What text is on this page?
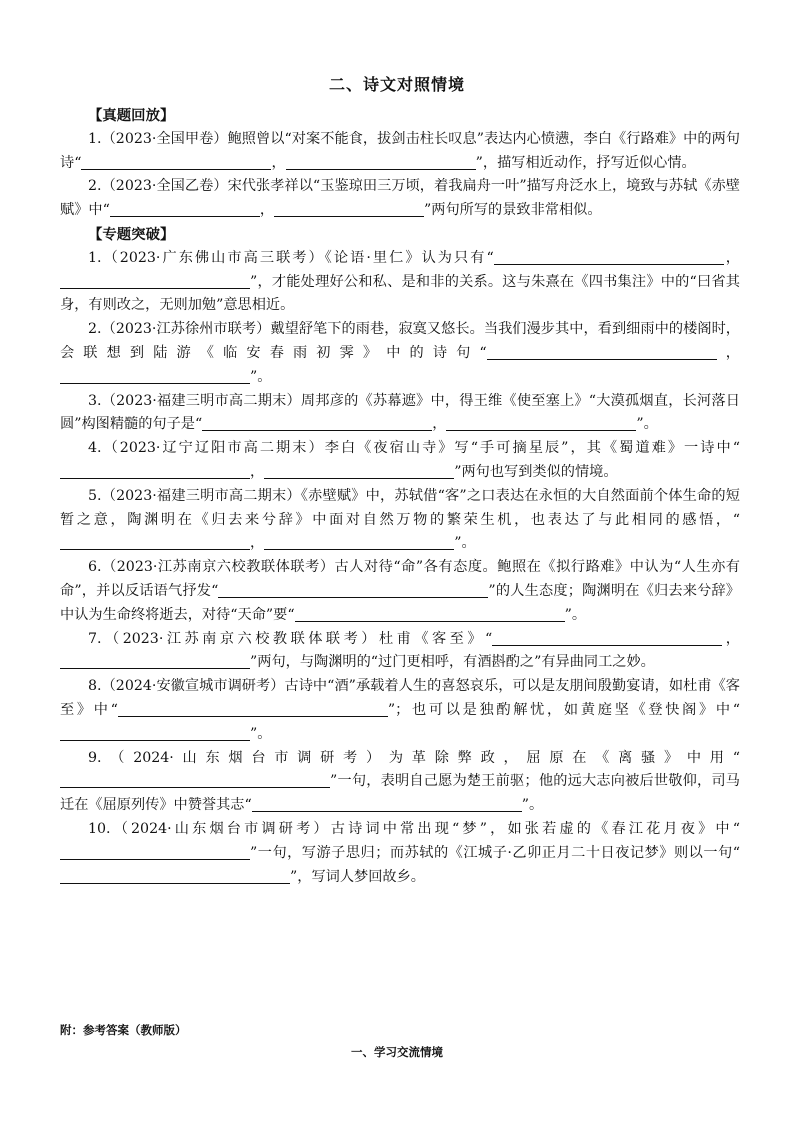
二、诗文对照情境

【真题回放】

1.（2023·全国甲卷）鲍照曾以“对案不能食，拔剑击柱长叹息”表达内心愤懑，李白《行路难》中的两句诗“	，	”，描写相近动作，抒写近似心情。

2.（2023·全国乙卷）宋代张孝祥以“玉鉴琼田三万顷，着我扁舟一叶”描写舟泛水上，境致与苏轼《赤壁赋》中“	，	”两句所写的景致非常相似。

【专题突破】

1.（2023·广东佛山市高三联考）《论语·里仁》认为只有“	，”，才能处理好公和私、是和非的关系。这与朱熹在《四书集注》中的“曰省其身，有则改之，无则加勉”意思相近。

2.（2023·江苏徐州市联考）戴望舒笔下的雨巷，寂寞又悠长。当我们漫步其中，看到细雨中的楼阁时，会联想到陆游《临安春雨初霁》中的诗句“	，”。

3.（2023·福建三明市高二期末）周邦彦的《苏幕遮》中，得王维《使至塞上》“大漠孤烟直，长河落日圆”构图精髓的句子是“	，	”。

4.（2023·辽宁辽阳市高二期末）李白《夜宿山寺》写“手可摘星辰”，其《蜀道难》一诗中“，	”两句也写到类似的情境。

5.（2023·福建三明市高二期末）《赤壁赋》中，苏轼借“客”之口表达在永恒的大自然面前个体生命的短暂之意，陶渊明在《归去来兮辞》中面对自然万物的繁荣生机，也表达了与此相同的感悟，“，	”。

6.（2023·江苏南京六校教联体联考）古人对待“命”各有态度。鲍照在《拟行路难》中认为“人生亦有命”，并以反话语气抒发“	”的人生态度；陶渊明在《归去来兮辞》中认为生命终将逝去，对待“天命”要“	”。

7.（2023·江苏南京六校教联体联考）杜甫《客至》“	，”两句，与陶渊明的“过门更相呼，有酒斟酌之”有异曲同工之妙。

8.（2024·安徽宣城市调研考）古诗中“酒”承载着人生的喜怒哀乐，可以是友朋间殷勤宴请，如杜甫《客至》中“	”；也可以是独酌解忧，如黄庭坚《登快阁》中“”。

9.（2024·山东烟台市调研考）为革除弊政，屈原在《离骚》中用“”一句，表明自己愿为楚王前驱；他的远大志向被后世敬仰，司马迁在《屈原列传》中赞誉其志“	”。

10.（2024·山东烟台市调研考）古诗词中常出现“梦”，如张若虚的《春江花月夜》中“”一句，写游子思归；而苏轼的《江城子·乙卯正月二十日夜记梦》则以一句“”，写词人梦回故乡。

附：参考答案（教师版）
一、学习交流情境
